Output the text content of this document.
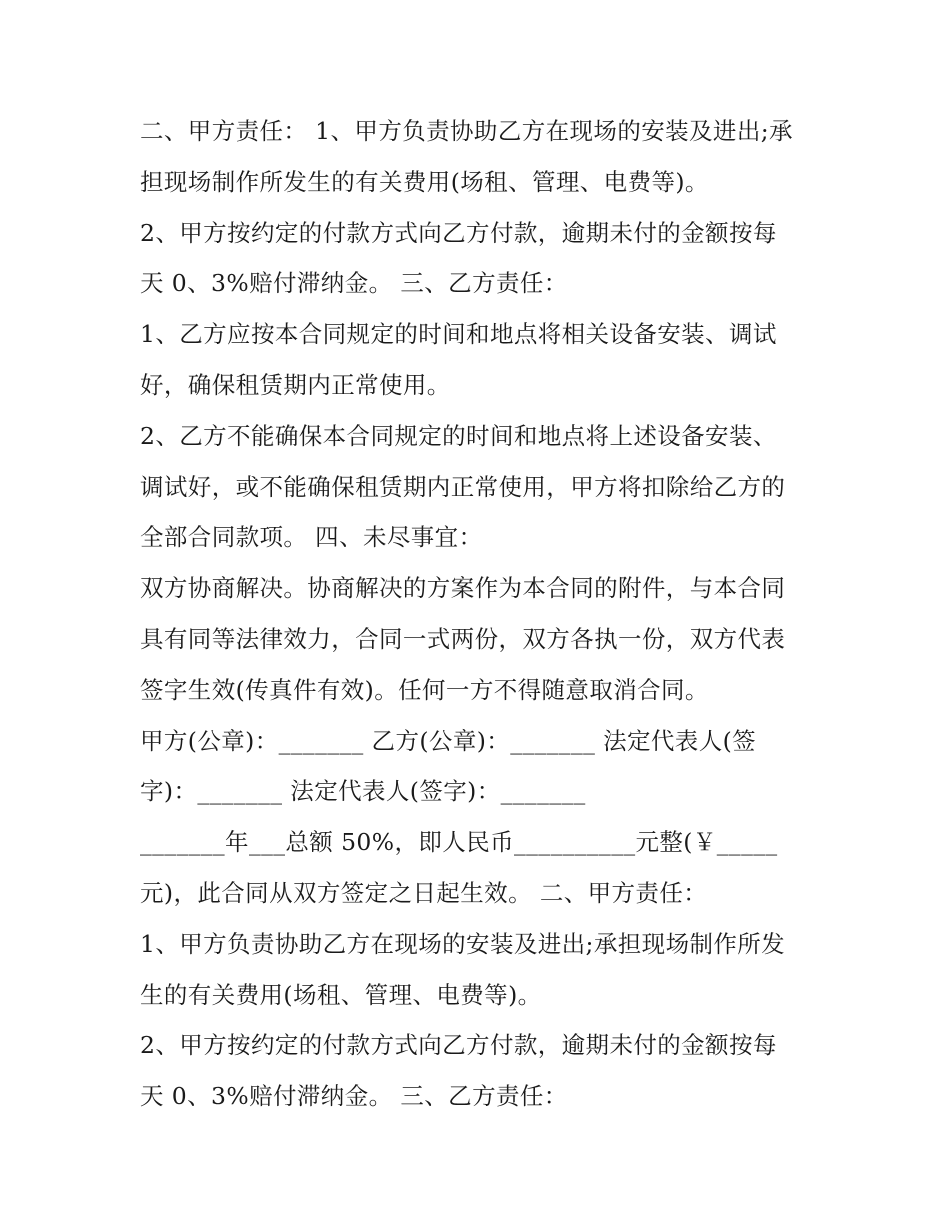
二、甲方责任： 1、甲方负责协助乙方在现场的安装及进出;承
担现场制作所发生的有关费用(场租、管理、电费等)。
2、甲方按约定的付款方式向乙方付款，逾期未付的金额按每
天 0、3%赔付滞纳金。 三、乙方责任：
1、乙方应按本合同规定的时间和地点将相关设备安装、调试
好，确保租赁期内正常使用。
2、乙方不能确保本合同规定的时间和地点将上述设备安装、
调试好，或不能确保租赁期内正常使用，甲方将扣除给乙方的
全部合同款项。 四、未尽事宜：
双方协商解决。协商解决的方案作为本合同的附件，与本合同
具有同等法律效力，合同一式两份，双方各执一份，双方代表
签字生效(传真件有效)。任何一方不得随意取消合同。
甲方(公章)：_______ 乙方(公章)：_______ 法定代表人(签
字)：_______ 法定代表人(签字)：_______
_______年___总额 50%，即人民币__________元整(￥_____
元)，此合同从双方签定之日起生效。 二、甲方责任：
1、甲方负责协助乙方在现场的安装及进出;承担现场制作所发
生的有关费用(场租、管理、电费等)。
2、甲方按约定的付款方式向乙方付款，逾期未付的金额按每
天 0、3%赔付滞纳金。 三、乙方责任：
